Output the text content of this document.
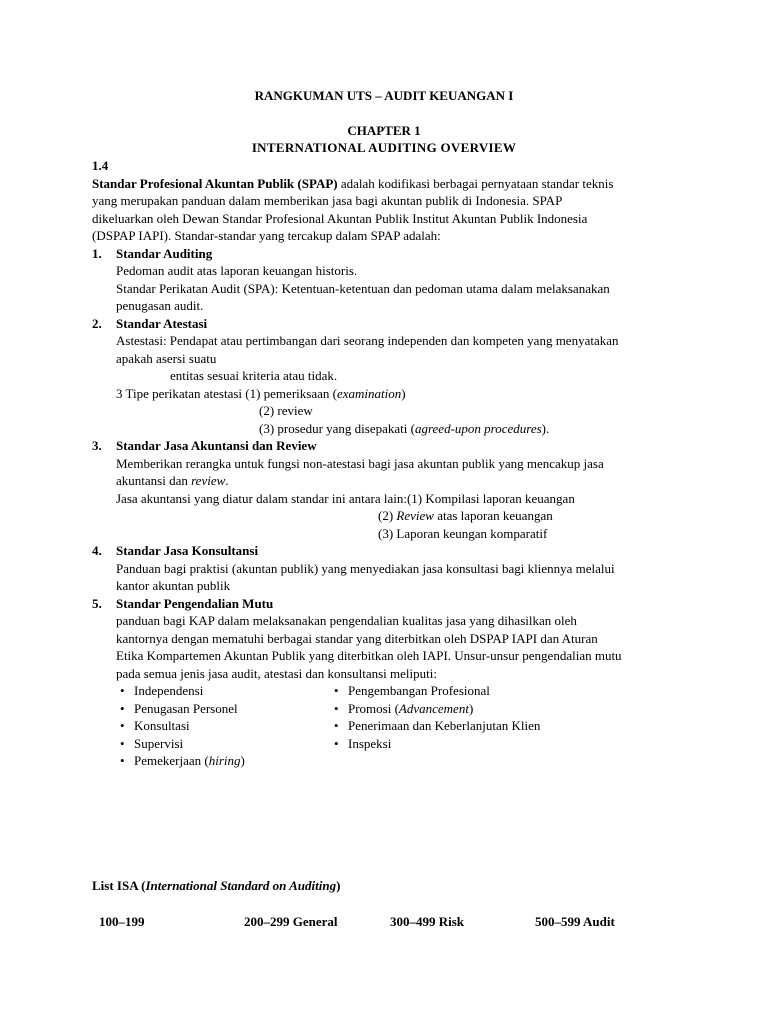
RANGKUMAN UTS – AUDIT KEUANGAN I
CHAPTER 1
INTERNATIONAL AUDITING OVERVIEW
1.4
Standar Profesional Akuntan Publik (SPAP) adalah kodifikasi berbagai pernyataan standar teknis
yang merupakan panduan dalam memberikan jasa bagi akuntan publik di Indonesia. SPAP
dikeluarkan oleh Dewan Standar Profesional Akuntan Publik Institut Akuntan Publik Indonesia
(DSPAP IAPI). Standar-standar yang tercakup dalam SPAP adalah:
1. Standar Auditing
Pedoman audit atas laporan keuangan historis.
Standar Perikatan Audit (SPA): Ketentuan-ketentuan dan pedoman utama dalam melaksanakan
penugasan audit.
2. Standar Atestasi
Astestasi: Pendapat atau pertimbangan dari seorang independen dan kompeten yang menyatakan
apakah asersi suatu
entitas sesuai kriteria atau tidak.
3 Tipe perikatan atestasi (1) pemeriksaan (examination)
(2) review
(3) prosedur yang disepakati (agreed-upon procedures).
3. Standar Jasa Akuntansi dan Review
Memberikan rerangka untuk fungsi non-atestasi bagi jasa akuntan publik yang mencakup jasa
akuntansi dan review.
Jasa akuntansi yang diatur dalam standar ini antara lain:(1) Kompilasi laporan keuangan
(2) Review atas laporan keuangan
(3) Laporan keungan komparatif
4. Standar Jasa Konsultansi
Panduan bagi praktisi (akuntan publik) yang menyediakan jasa konsultasi bagi kliennya melalui
kantor akuntan publik
5. Standar Pengendalian Mutu
panduan bagi KAP dalam melaksanakan pengendalian kualitas jasa yang dihasilkan oleh
kantornya dengan mematuhi berbagai standar yang diterbitkan oleh DSPAP IAPI dan Aturan
Etika Kompartemen Akuntan Publik yang diterbitkan oleh IAPI. Unsur-unsur pengendalian mutu
pada semua jenis jasa audit, atestasi dan konsultansi meliputi:
• Independensi
• Penugasan Personel
• Konsultasi
• Supervisi
• Pemekerjaan (hiring)
• Pengembangan Profesional
• Promosi (Advancement)
• Penerimaan dan Keberlanjutan Klien
• Inspeksi
List ISA (International Standard on Auditing)
100–199	200–299 General	300–499 Risk	500–599 Audit
